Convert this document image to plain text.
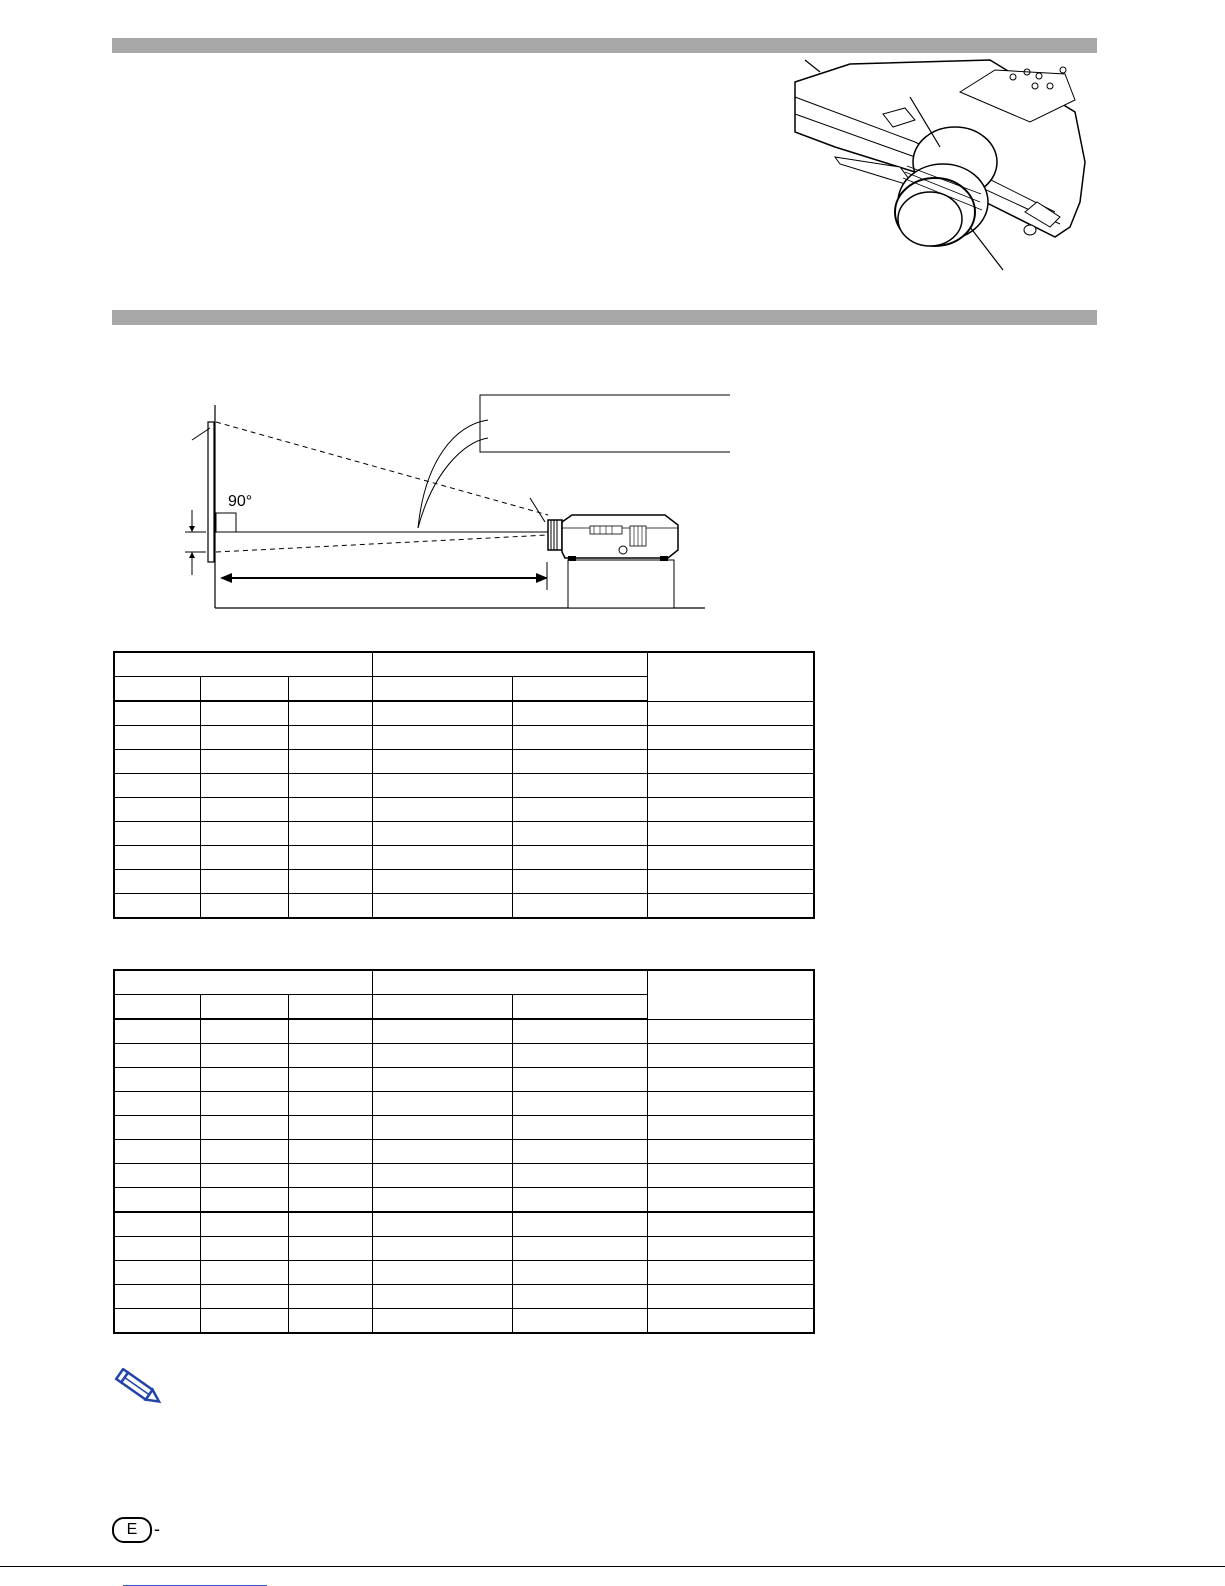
90°

E -
